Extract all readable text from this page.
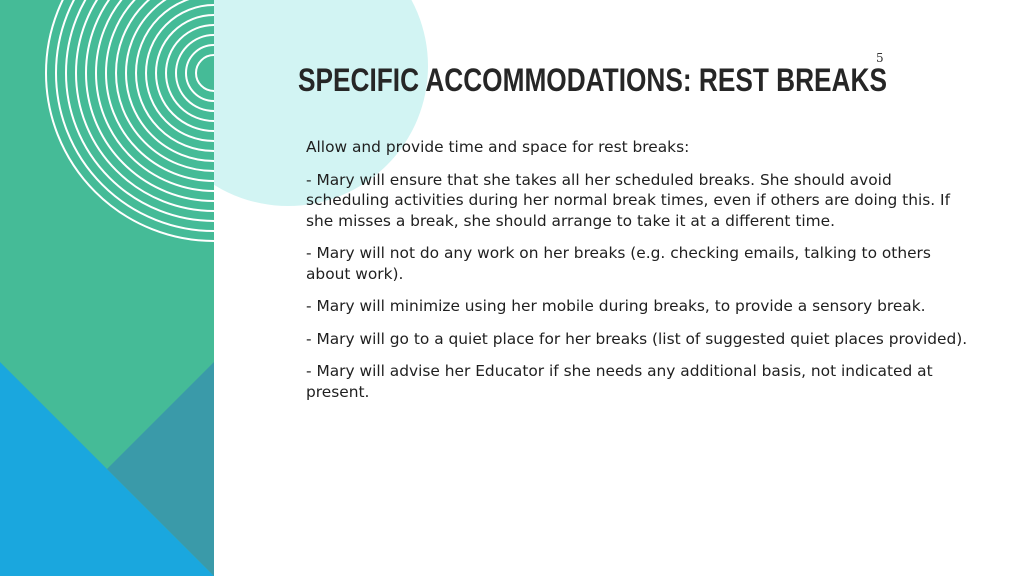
5
SPECIFIC ACCOMMODATIONS: REST BREAKS

Allow and provide time and space for rest breaks:

- Mary will ensure that she takes all her scheduled breaks. She should avoid scheduling activities during her normal break times, even if others are doing this. If she misses a break, she should arrange to take it at a different time.

- Mary will not do any work on her breaks (e.g. checking emails, talking to others about work).

- Mary will minimize using her mobile during breaks, to provide a sensory break.

- Mary will go to a quiet place for her breaks (list of suggested quiet places provided).

- Mary will advise her Educator if she needs any additional basis, not indicated at present.
